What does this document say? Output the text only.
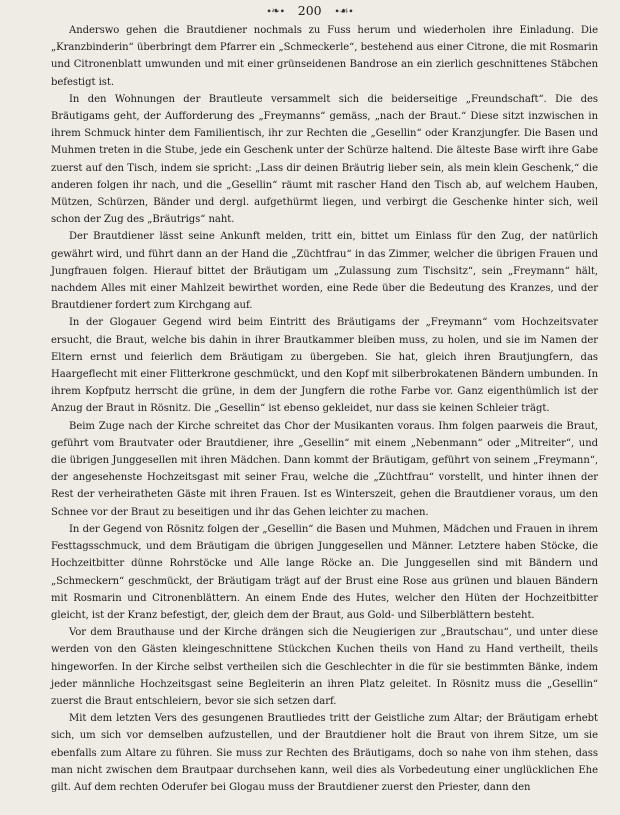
∙❧∙ 200 ∙☙∙

Anderswo gehen die Brautdiener nochmals zu Fuss herum und wiederholen ihre Einladung. Die „Kranzbinderin“ überbringt dem Pfarrer ein „Schmeckerle“, bestehend aus einer Citrone, die mit Rosmarin und Citronenblatt umwunden und mit einer grünseidenen Bandrose an ein zierlich geschnittenes Stäbchen befestigt ist.

In den Wohnungen der Brautleute versammelt sich die beiderseitige „Freundschaft“. Die des Bräutigams geht, der Aufforderung des „Freymanns“ gemäss, „nach der Braut.“ Diese sitzt inzwischen in ihrem Schmuck hinter dem Familientisch, ihr zur Rechten die „Gesellin“ oder Kranzjungfer. Die Basen und Muhmen treten in die Stube, jede ein Geschenk unter der Schürze haltend. Die älteste Base wirft ihre Gabe zuerst auf den Tisch, indem sie spricht: „Lass dir deinen Bräutrig lieber sein, als mein klein Geschenk,“ die anderen folgen ihr nach, und die „Gesellin“ räumt mit rascher Hand den Tisch ab, auf welchem Hauben, Mützen, Schürzen, Bänder und dergl. aufgethürmt liegen, und verbirgt die Geschenke hinter sich, weil schon der Zug des „Bräutrigs“ naht.

Der Brautdiener lässt seine Ankunft melden, tritt ein, bittet um Einlass für den Zug, der natürlich gewährt wird, und führt dann an der Hand die „Züchtfrau“ in das Zimmer, welcher die übrigen Frauen und Jungfrauen folgen. Hierauf bittet der Bräutigam um „Zulassung zum Tischsitz“, sein „Freymann“ hält, nachdem Alles mit einer Mahlzeit bewirthet worden, eine Rede über die Bedeutung des Kranzes, und der Brautdiener fordert zum Kirchgang auf.

In der Glogauer Gegend wird beim Eintritt des Bräutigams der „Freymann“ vom Hochzeitsvater ersucht, die Braut, welche bis dahin in ihrer Brautkammer bleiben muss, zu holen, und sie im Namen der Eltern ernst und feierlich dem Bräutigam zu übergeben. Sie hat, gleich ihren Brautjungfern, das Haargeflecht mit einer Flitterkrone geschmückt, und den Kopf mit silberbrokatenen Bändern umbunden. In ihrem Kopfputz herrscht die grüne, in dem der Jungfern die rothe Farbe vor. Ganz eigenthümlich ist der Anzug der Braut in Rösnitz. Die „Gesellin“ ist ebenso gekleidet, nur dass sie keinen Schleier trägt.

Beim Zuge nach der Kirche schreitet das Chor der Musikanten voraus. Ihm folgen paarweis die Braut, geführt vom Brautvater oder Brautdiener, ihre „Gesellin“ mit einem „Nebenmann“ oder „Mitreiter“, und die übrigen Junggesellen mit ihren Mädchen. Dann kommt der Bräutigam, geführt von seinem „Freymann“, der angesehenste Hochzeitsgast mit seiner Frau, welche die „Züchtfrau“ vorstellt, und hinter ihnen der Rest der verheiratheten Gäste mit ihren Frauen. Ist es Winterszeit, gehen die Brautdiener voraus, um den Schnee vor der Braut zu beseitigen und ihr das Gehen leichter zu machen.

In der Gegend von Rösnitz folgen der „Gesellin“ die Basen und Muhmen, Mädchen und Frauen in ihrem Festtagsschmuck, und dem Bräutigam die übrigen Junggesellen und Männer. Letztere haben Stöcke, die Hochzeitbitter dünne Rohrstöcke und Alle lange Röcke an. Die Junggesellen sind mit Bändern und „Schmeckern“ geschmückt, der Bräutigam trägt auf der Brust eine Rose aus grünen und blauen Bändern mit Rosmarin und Citronenblättern. An einem Ende des Hutes, welcher den Hüten der Hochzeitbitter gleicht, ist der Kranz befestigt, der, gleich dem der Braut, aus Gold- und Silberblättern besteht.

Vor dem Brauthause und der Kirche drängen sich die Neugierigen zur „Brautschau“, und unter diese werden von den Gästen kleingeschnittene Stückchen Kuchen theils von Hand zu Hand vertheilt, theils hingeworfen. In der Kirche selbst vertheilen sich die Geschlechter in die für sie bestimmten Bänke, indem jeder männliche Hochzeitsgast seine Begleiterin an ihren Platz geleitet. In Rösnitz muss die „Gesellin“ zuerst die Braut entschleiern, bevor sie sich setzen darf.

Mit dem letzten Vers des gesungenen Brautliedes tritt der Geistliche zum Altar; der Bräutigam erhebt sich, um sich vor demselben aufzustellen, und der Brautdiener holt die Braut von ihrem Sitze, um sie ebenfalls zum Altare zu führen. Sie muss zur Rechten des Bräutigams, doch so nahe von ihm stehen, dass man nicht zwischen dem Brautpaar durchsehen kann, weil dies als Vorbedeutung einer unglücklichen Ehe gilt. Auf dem rechten Oderufer bei Glogau muss der Brautdiener zuerst den Priester, dann den
